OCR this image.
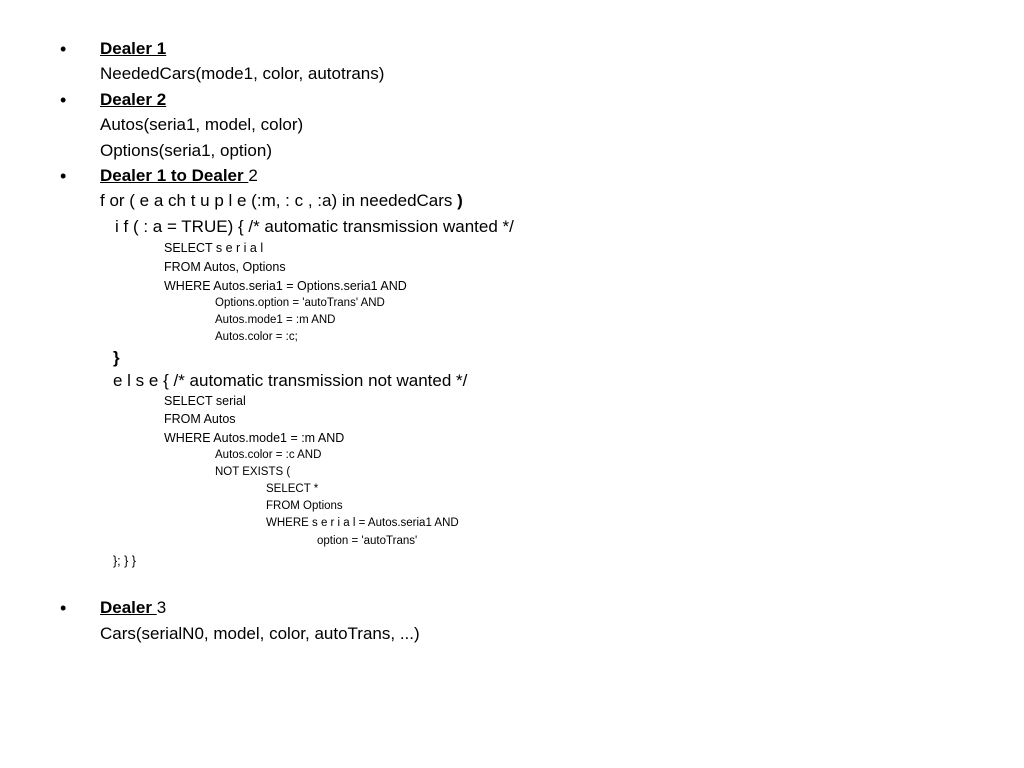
•
•
•
•
Dealer 1
NeededCars(mode1, color, autotrans)
Dealer 2
Autos(seria1, model, color)
Options(seria1, option)
Dealer 1 to Dealer 2
f or ( e a ch t u p l e (:m, : c , :a) in neededCars )
i f ( : a = TRUE) { /* automatic transmission wanted */
SELECT s e r i a l
FROM Autos, Options
WHERE Autos.seria1 = Options.seria1 AND
Options.option = 'autoTrans' AND
Autos.mode1 = :m AND
Autos.color = :c;
}
e l s e { /* automatic transmission not wanted */
SELECT serial
FROM Autos
WHERE Autos.mode1 = :m AND
Autos.color = :c AND
NOT EXISTS (
SELECT *
FROM Options
WHERE s e r i a l = Autos.seria1 AND
option = 'autoTrans'
}; } }
Dealer 3
Cars(serialN0, model, color, autoTrans, ...)
